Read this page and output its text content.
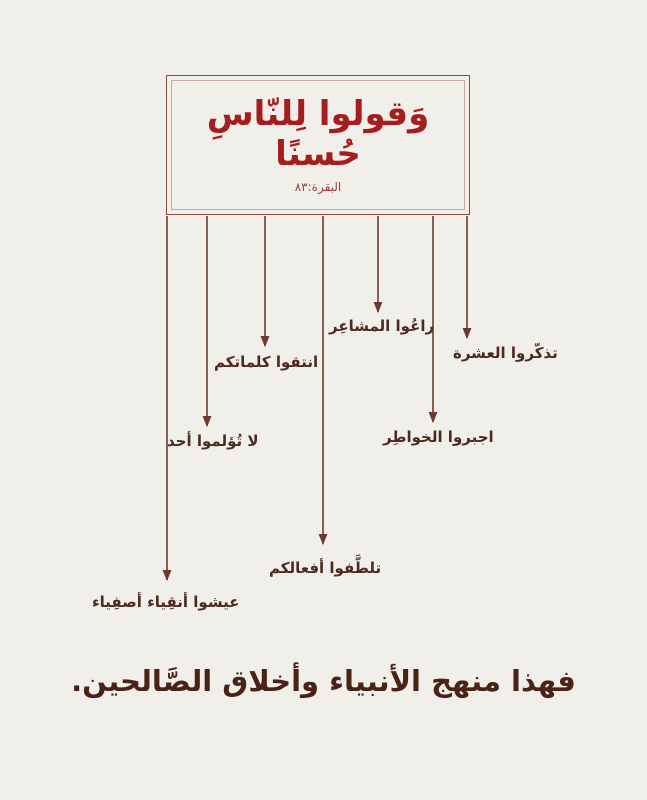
وَقولوا لِلنّاسِ حُسنًا
البقرة:٨٣
تذكّروا العشرة
اجبروا الخواطِر
راعُوا المشاعِر
تلطَّفوا أفعالكم
انتقوا كلماتكم
لا تُؤلموا أحد
عيشوا أنقِياء أصفِياء
فهذا منهج الأنبياء وأخلاق الصَّالحين.
